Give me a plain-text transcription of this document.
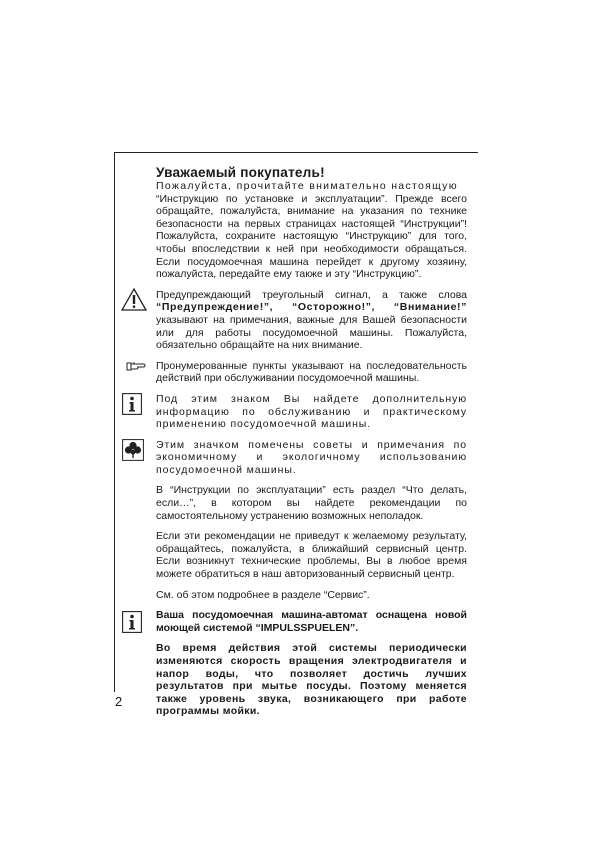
2
Уважаемый покупатель!

Пожалуйста, прочитайте внимательно настоящую
“Инструкцию по установке и эксплуатации”. Прежде всего обращайте, пожалуйста, внимание на указания по технике безопасности на первых страницах настоящей “Инструкции”! Пожалуйста, сохраните настоящую “Инструкцию” для того, чтобы впоследствии к ней при необходимости обращаться. Если посудомоечная машина перейдет к другому хозяину, пожалуйста, передайте ему также и эту “Инструкцию”.

Предупреждающий треугольный сигнал, а также слова “Предупреждение!”, “Осторожно!”, “Внимание!” указывают на примечания, важные для Вашей безопасности или для работы посудомоечной машины. Пожалуйста, обязательно обращайте на них внимание.

Пронумерованные пункты указывают на последовательность действий при обслуживании посудомоечной машины.

Под этим знаком Вы найдете дополнительную информацию по обслуживанию и практическому применению посудомоечной машины.

Этим значком помечены советы и примечания по экономичному и экологичному использованию посудомоечной машины.

В “Инструкции по эксплуатации” есть раздел “Что делать, если…”, в котором вы найдете рекомендации по самостоятельному устранению возможных неполадок.

Если эти рекомендации не приведут к желаемому результату, обращайтесь, пожалуйста, в ближайший сервисный центр. Если возникнут технические проблемы, Вы в любое время можете обратиться в наш авторизованный сервисный центр.

См. об этом подробнее в разделе “Сервис”.

Ваша посудомоечная машина-автомат оснащена новой моющей системой “IMPULSSPUELEN”.

Во время действия этой системы периодически изменяются скорость вращения электродвигателя и напор воды, что позволяет достичь лучших результатов при мытье посуды. Поэтому меняется также уровень звука, возникающего при работе программы мойки.
